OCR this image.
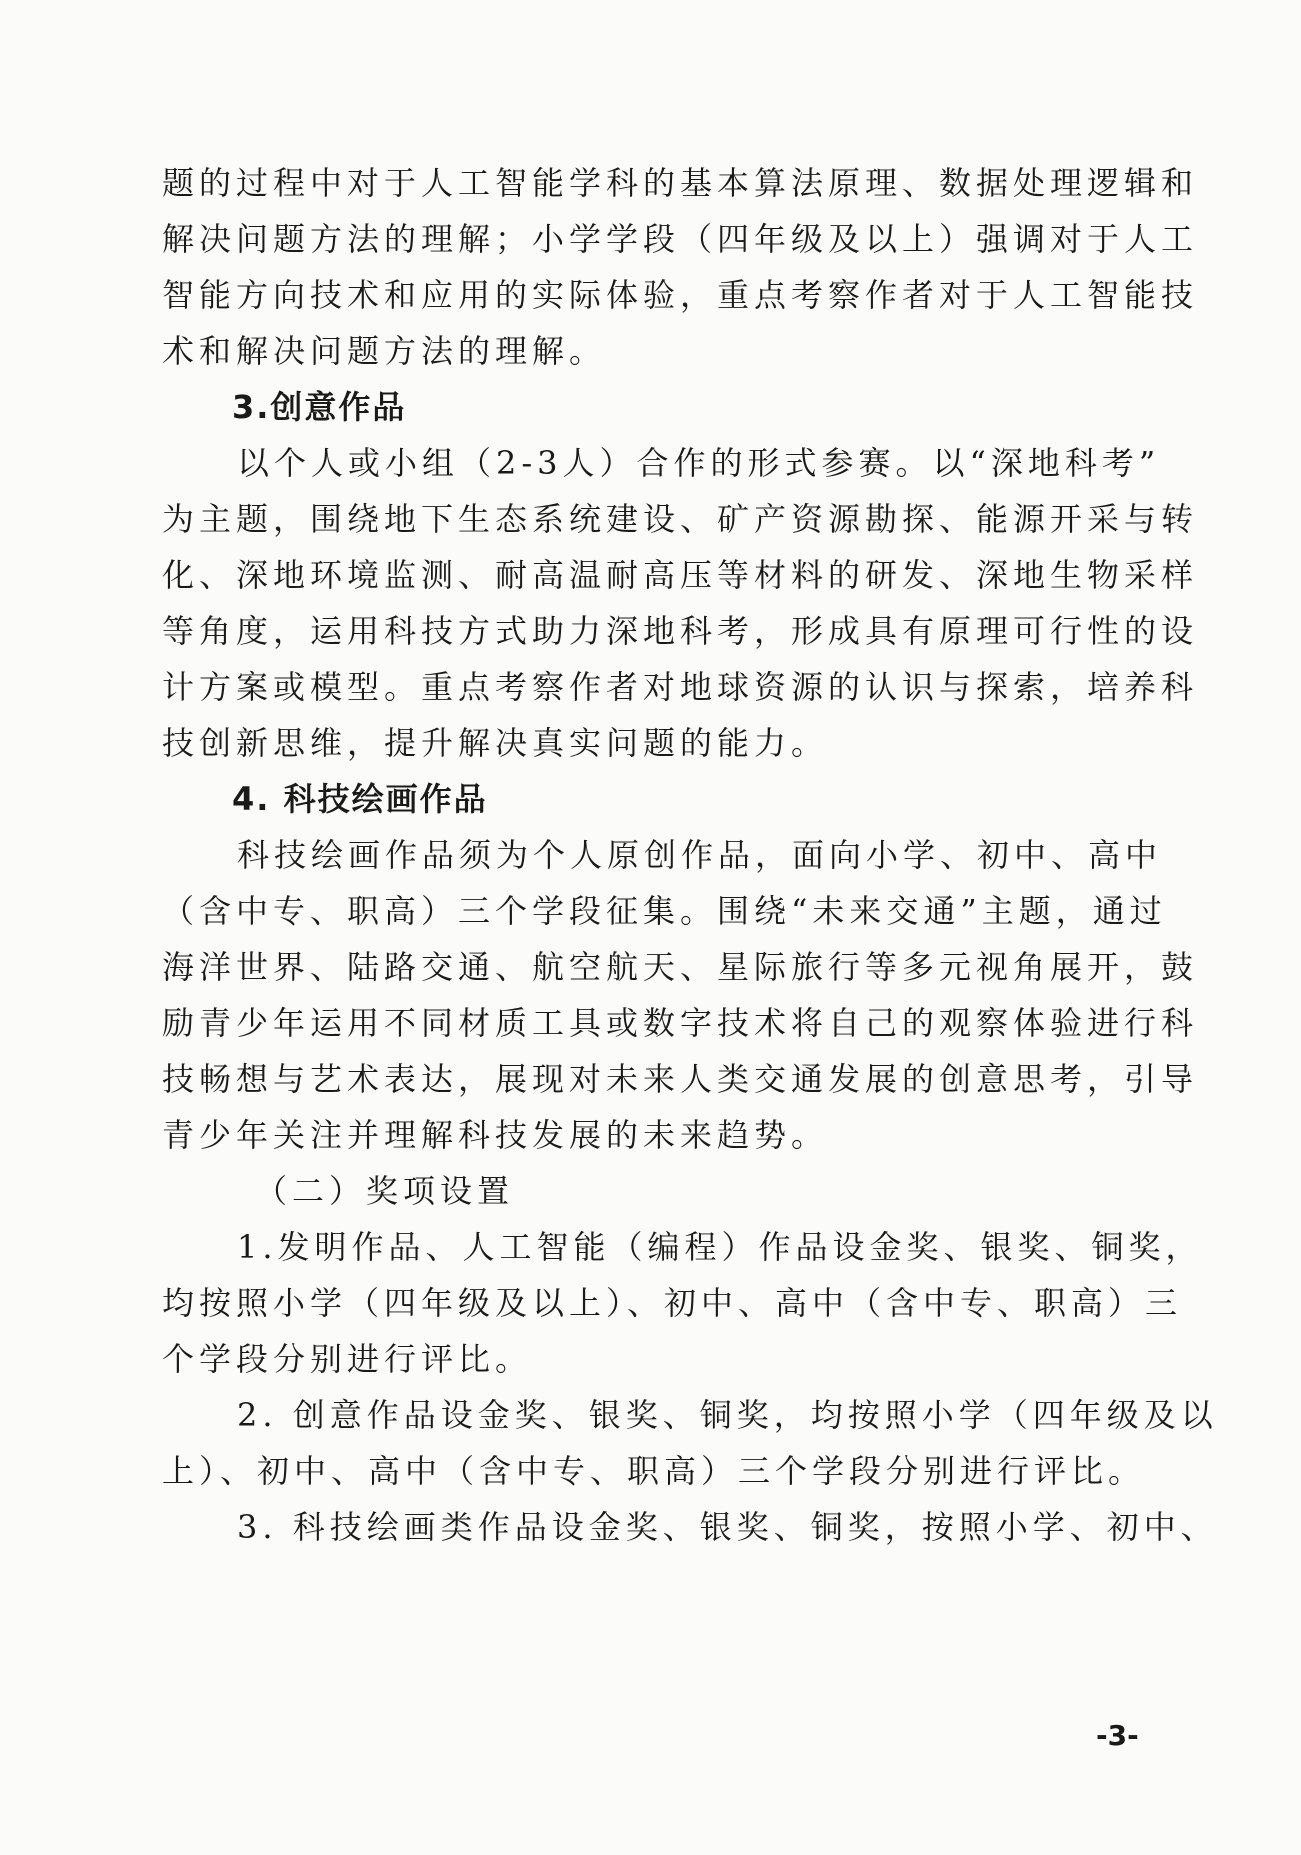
题的过程中对于人工智能学科的基本算法原理、数据处理逻辑和
解决问题方法的理解；小学学段（四年级及以上）强调对于人工
智能方向技术和应用的实际体验，重点考察作者对于人工智能技
术和解决问题方法的理解。
3.创意作品
以个人或小组（2-3人）合作的形式参赛。以“深地科考”
为主题，围绕地下生态系统建设、矿产资源勘探、能源开采与转
化、深地环境监测、耐高温耐高压等材料的研发、深地生物采样
等角度，运用科技方式助力深地科考，形成具有原理可行性的设
计方案或模型。重点考察作者对地球资源的认识与探索，培养科
技创新思维，提升解决真实问题的能力。
4. 科技绘画作品
科技绘画作品须为个人原创作品，面向小学、初中、高中
（含中专、职高）三个学段征集。围绕“未来交通”主题，通过
海洋世界、陆路交通、航空航天、星际旅行等多元视角展开，鼓
励青少年运用不同材质工具或数字技术将自己的观察体验进行科
技畅想与艺术表达，展现对未来人类交通发展的创意思考，引导
青少年关注并理解科技发展的未来趋势。
（二）奖项设置
1.发明作品、人工智能（编程）作品设金奖、银奖、铜奖，
均按照小学（四年级及以上）、初中、高中（含中专、职高）三
个学段分别进行评比。
2. 创意作品设金奖、银奖、铜奖，均按照小学（四年级及以
上）、初中、高中（含中专、职高）三个学段分别进行评比。
3. 科技绘画类作品设金奖、银奖、铜奖，按照小学、初中、
-3-
